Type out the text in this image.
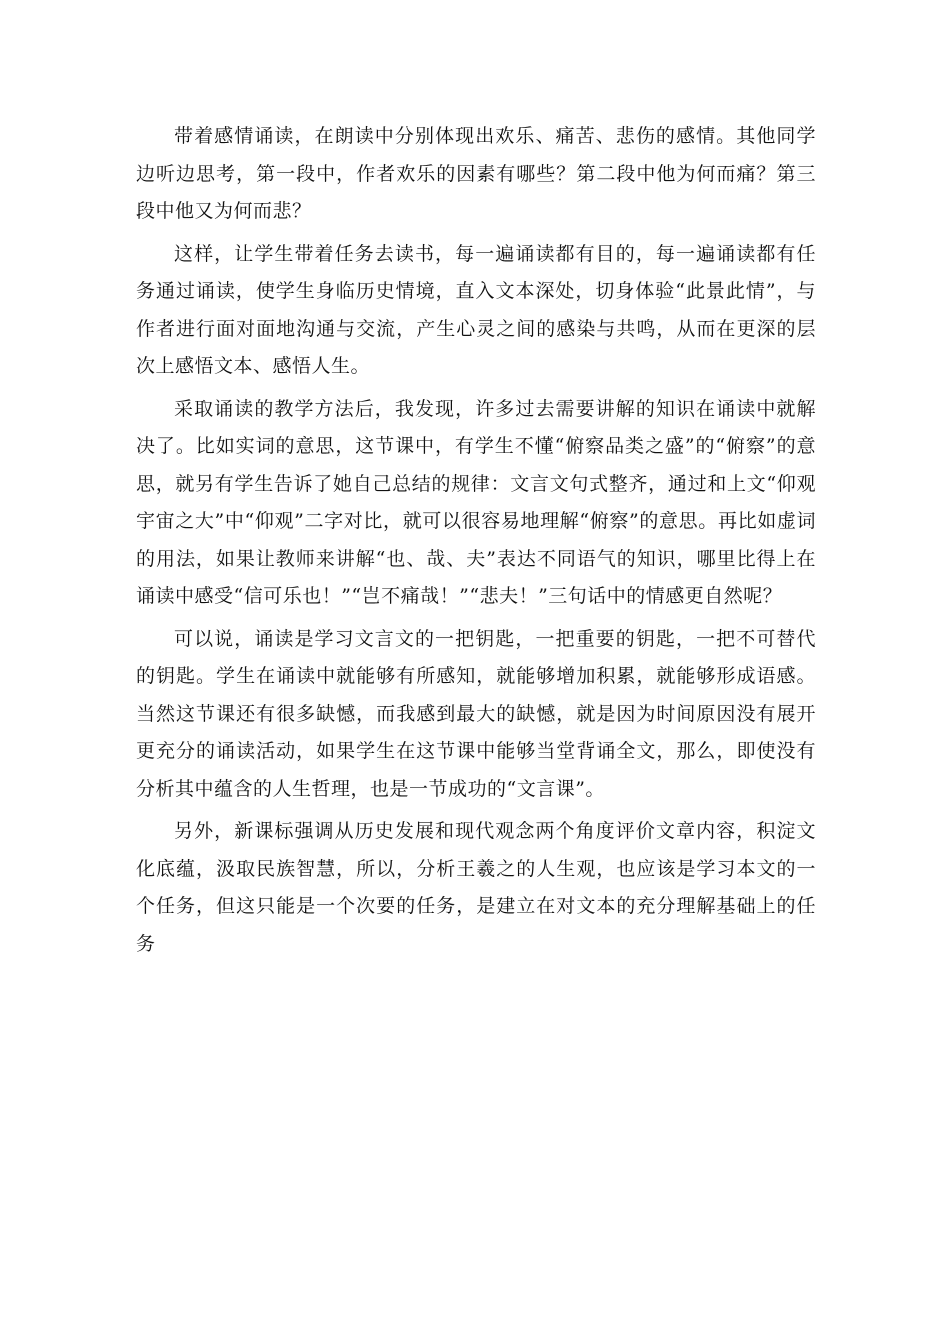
带着感情诵读，在朗读中分别体现出欢乐、痛苦、悲伤的感情。其他同学边听边思考，第一段中，作者欢乐的因素有哪些？第二段中他为何而痛？第三段中他又为何而悲？

这样，让学生带着任务去读书，每一遍诵读都有目的，每一遍诵读都有任务通过诵读，使学生身临历史情境，直入文本深处，切身体验“此景此情”，与作者进行面对面地沟通与交流，产生心灵之间的感染与共鸣，从而在更深的层次上感悟文本、感悟人生。

采取诵读的教学方法后，我发现，许多过去需要讲解的知识在诵读中就解决了。比如实词的意思，这节课中，有学生不懂“俯察品类之盛”的“俯察”的意思，就另有学生告诉了她自己总结的规律：文言文句式整齐，通过和上文“仰观宇宙之大”中“仰观”二字对比，就可以很容易地理解“俯察”的意思。再比如虚词的用法，如果让教师来讲解“也、哉、夫”表达不同语气的知识，哪里比得上在诵读中感受“信可乐也！”“岂不痛哉！”“悲夫！”三句话中的情感更自然呢？

可以说，诵读是学习文言文的一把钥匙，一把重要的钥匙，一把不可替代的钥匙。学生在诵读中就能够有所感知，就能够增加积累，就能够形成语感。当然这节课还有很多缺憾，而我感到最大的缺憾，就是因为时间原因没有展开更充分的诵读活动，如果学生在这节课中能够当堂背诵全文，那么，即使没有分析其中蕴含的人生哲理，也是一节成功的“文言课”。

另外，新课标强调从历史发展和现代观念两个角度评价文章内容，积淀文化底蕴，汲取民族智慧，所以，分析王羲之的人生观，也应该是学习本文的一个任务，但这只能是一个次要的任务，是建立在对文本的充分理解基础上的任务
